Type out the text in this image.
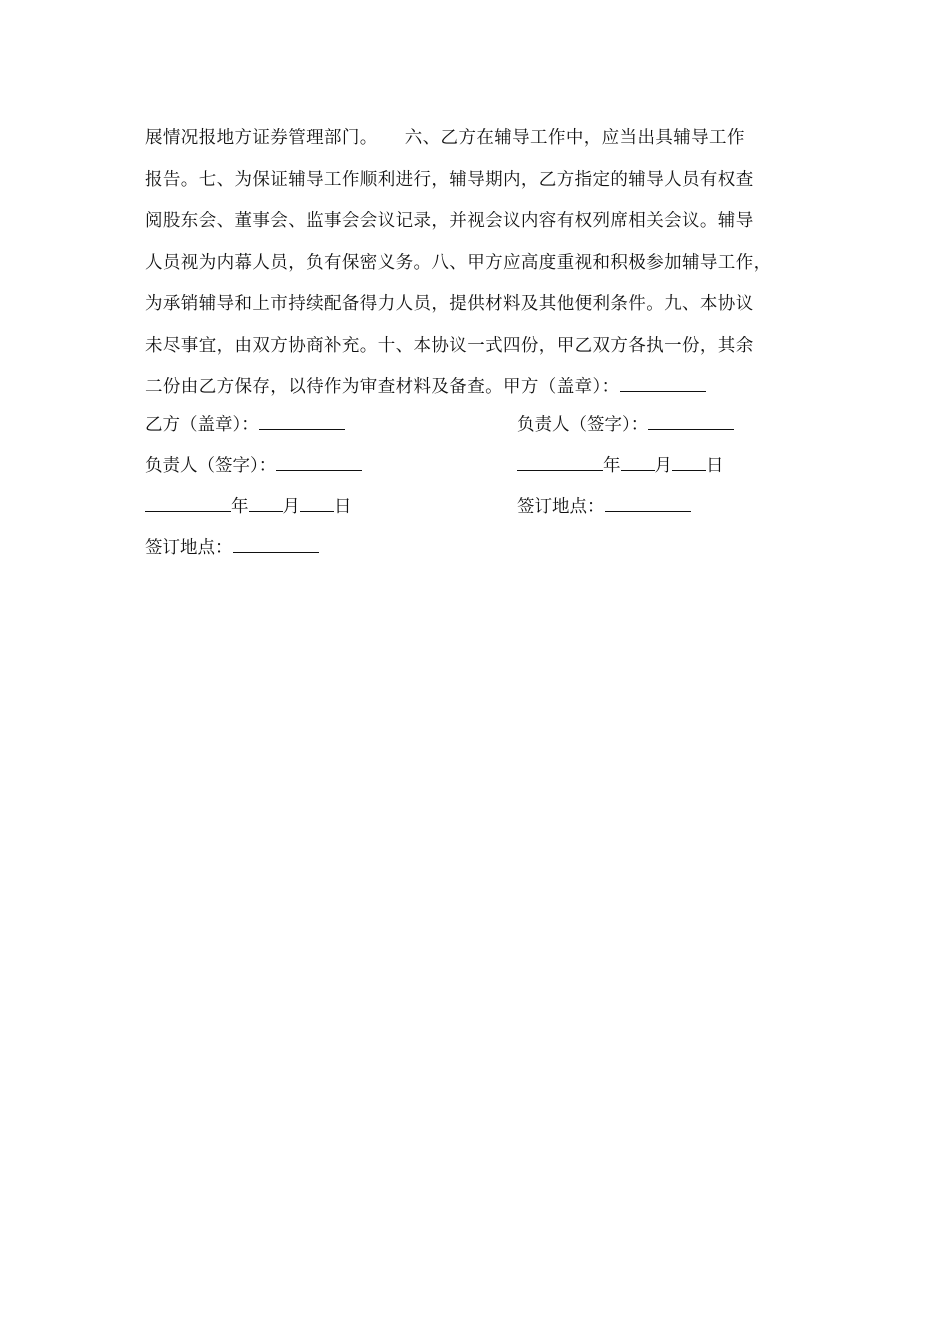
展情况报地方证券管理部门。　　六、乙方在辅导工作中，应当出具辅导工作
报告。七、为保证辅导工作顺利进行，辅导期内，乙方指定的辅导人员有权查
阅股东会、董事会、监事会会议记录，并视会议内容有权列席相关会议。辅导
人员视为内幕人员，负有保密义务。八、甲方应高度重视和积极参加辅导工作，
为承销辅导和上市持续配备得力人员，提供材料及其他便利条件。九、本协议
未尽事宜，由双方协商补充。十、本协议一式四份，甲乙双方各执一份，其余
二份由乙方保存，以待作为审查材料及备查。甲方（盖章）：
乙方（盖章）：	负责人（签字）：
负责人（签字）：	年 月 日
年 月 日	签订地点：
签订地点：
